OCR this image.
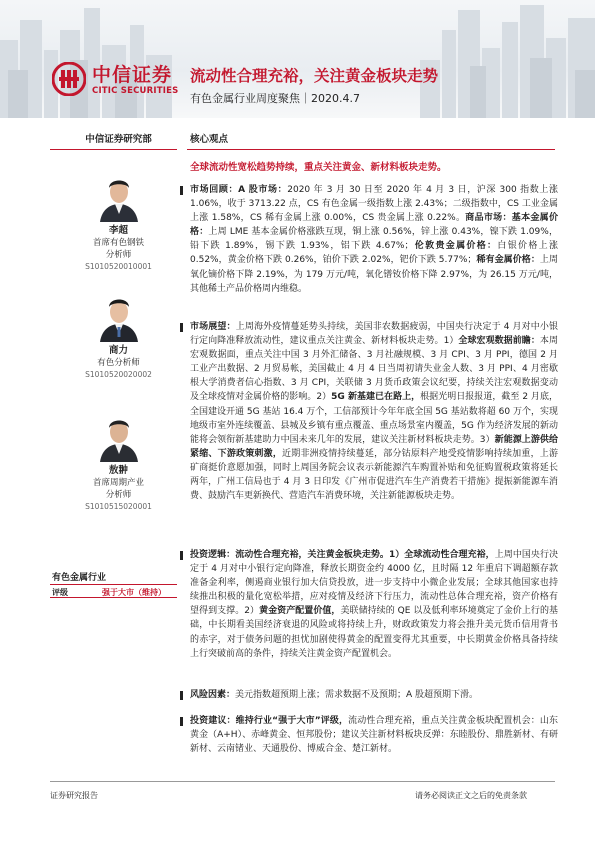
中信证券
CITIC SECURITIES
流动性合理充裕，关注黄金板块走势
有色金属行业周度聚焦｜2020.4.7
中信证券研究部	核心观点
李超
首席有色钢铁
分析师
S1010520010001
商力
有色分析师
S1010520020002
敖翀
首席周期产业
分析师
S1010515020001
有色金属行业
评级	强于大市（维持）
全球流动性宽松趋势持续，重点关注黄金、新材料板块走势。
市场回顾：A 股市场：2020 年 3 月 30 日至 2020 年 4 月 3 日，沪深 300 指数上涨 1.06%，收于 3713.22 点，CS 有色金属一级指数上涨 2.43%；二级指数中，CS 工业金属上涨 1.58%，CS 稀有金属上涨 0.00%，CS 贵金属上涨 0.22%。商品市场：基本金属价格：上周 LME 基本金属价格涨跌互现，铜上涨 0.56%，锌上涨 0.43%，镍下跌 1.09%，铅下跌 1.89%，锡下跌 1.93%，铝下跌 4.67%；伦敦贵金属价格：白银价格上涨 0.52%，黄金价格下跌 0.26%，铂价下跌 2.02%，钯价下跌 5.77%；稀有金属价格：上周氧化镝价格下降 2.19%，为 179 万元/吨，氧化镨钕价格下降 2.97%，为 26.15 万元/吨，其他稀土产品价格周内维稳。
市场展望：上周海外疫情蔓延势头持续，美国非农数据疲弱，中国央行决定于 4 月对中小银行定向降准释放流动性，建议重点关注黄金、新材料板块走势。1）全球宏观数据前瞻：本周宏观数据面，重点关注中国 3 月外汇储备、3 月社融规模、3 月 CPI、3 月 PPI，德国 2 月工业产出数据、2 月贸易帐，美国截止 4 月 4 日当周初请失业金人数、3 月 PPI、4 月密歇根大学消费者信心指数、3 月 CPI，关联储 3 月货币政策会议纪要，持续关注宏观数据变动及全球疫情对金属价格的影响。2）5G 新基建已在路上，根据光明日报报道，截至 2 月底，全国建设开通 5G 基站 16.4 万个，工信部预计今年年底全国 5G 基站数将超 60 万个，实现地级市室外连续覆盖、县城及乡镇有重点覆盖、重点场景室内覆盖，5G 作为经济发展的新动能将会领衔新基建助力中国未来几年的发展，建议关注新材料板块走势。3）新能源上游供给紧缩、下游政策刺激，近期非洲疫情持续蔓延，部分钴原料产地受疫情影响持续加重，上游矿商挺价意愿加强，同时上周国务院会议表示新能源汽车购置补贴和免征购置税政策将延长两年，广州工信局也于 4 月 3 日印发《广州市促进汽车生产消费若干措施》提振新能源车消费、鼓励汽车更新换代、营造汽车消费环境，关注新能源板块走势。
投资逻辑：流动性合理充裕，关注黄金板块走势。1）全球流动性合理充裕，上周中国央行决定于 4 月对中小银行定向降准，释放长期资金约 4000 亿，且时隔 12 年重启下调超额存款准备金利率，侧遏商业银行加大信贷投放，进一步支持中小微企业发展；全球其他国家也持续推出积极的量化宽松举措，应对疫情及经济下行压力，流动性总体合理充裕，资产价格有望得到支撑。2）黄金资产配置价值，美联储持续的 QE 以及低利率环境奠定了金价上行的基础，中长期看美国经济衰退的风险或将持续上升，财政政策发力将会推升美元货币信用背书的赤字，对于债务问题的担忧加剧使得黄金的配置变得尤其重要，中长期黄金价格具备持续上行突破前高的条件，持续关注黄金资产配置机会。
风险因素：美元指数超预期上涨；需求数据不及预期；A 股超预期下滑。
投资建议：维持行业“强于大市”评级，流动性合理充裕，重点关注黄金板块配置机会：山东黄金（A+H）、赤峰黄金、恒邦股份；建议关注新材料板块反弹：东睦股份、鼎胜新材、有研新材、云南锗业、天通股份、博威合金、楚江新材。
证券研究报告	请务必阅读正文之后的免责条款
